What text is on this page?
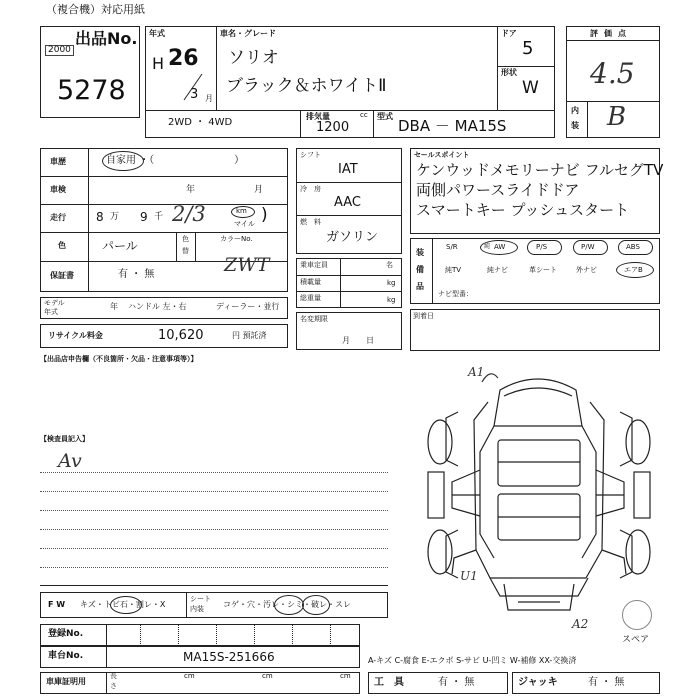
（複合機）対応用紙
出品No.
2000
5278
年式
H 26
3 月
車名・グレード
ソリオ
ブラック＆ホワイトⅡ
ドア
5
形状
W
2WD ・ 4WD
排気量	cc
1200
型式
DBA － MA15S
評価点
4.5
内
装 B
車歴	自家用 ・（　　　　　　　　）
車検	年	月
走行	8 万 9 千 2/3	km
マイル )
色	パール	色
替
カラーNo.
ZWT
保証書	有 ・ 無
モデル
年式
年 ハンドル 左・右	ディーラー・並行
リサイクル料金	10,620	円 預託済
シフト
IAT
冷　房
AAC
燃　料
ガソリン
乗車定員	名
積載量	kg
総重量	kg
名変期限
月　　日
セールスポイント
ケンウッドメモリーナビ フルセグTV
両側パワースライドドア
スマートキー プッシュスタート
装
備
品
S/R	純 AW	P/S	P/W	ABS
純TV	純ナビ	革シート	外ナビ	エアB
ナビ型番：
到着日
【出品店申告欄（不良箇所・欠品・注意事項等）】
【検査員記入】
Av
A1
U1
A2
スペア
F W キズ・トビ石・割レ・X
シート
内装 コゲ・穴・汚レ・シミ・破レ・スレ
登録No.
車台No.	MA15S-251666	A-キズ C-腐食 E-エクボ S-サビ U-凹ミ W-補修 XX-交換済
車庫証明用
長
さ
cm	cm	cm
工　具	有 ・ 無	ジャッキ	有 ・ 無
